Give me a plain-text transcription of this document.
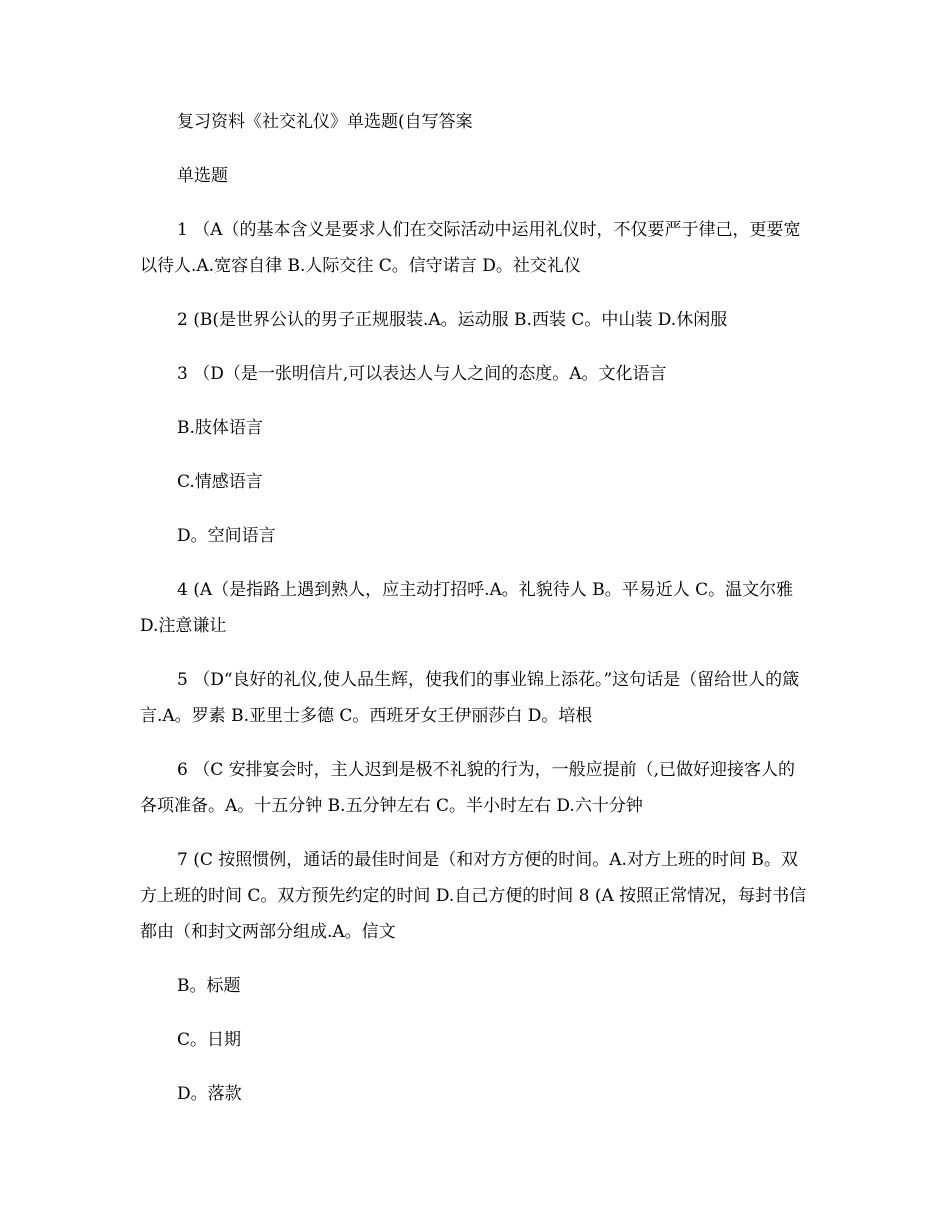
复习资料《社交礼仪》单选题(自写答案

单选题

1 （A（的基本含义是要求人们在交际活动中运用礼仪时，不仅要严于律己，更要宽以待人.A.宽容自律 B.人际交往 C。信守诺言 D。社交礼仪

2 (B(是世界公认的男子正规服装.A。运动服 B.西装 C。中山装 D.休闲服

3 （D（是一张明信片,可以表达人与人之间的态度。A。文化语言

B.肢体语言

C.情感语言

D。空间语言

4 (A（是指路上遇到熟人，应主动打招呼.A。礼貌待人 B。平易近人 C。温文尔雅 D.注意谦让

5 （D“良好的礼仪,使人品生辉，使我们的事业锦上添花。”这句话是（留给世人的箴言.A。罗素 B.亚里士多德 C。西班牙女王伊丽莎白 D。培根

6 （C 安排宴会时，主人迟到是极不礼貌的行为，一般应提前（,已做好迎接客人的各项准备。A。十五分钟 B.五分钟左右 C。半小时左右 D.六十分钟

7 (C 按照惯例，通话的最佳时间是（和对方方便的时间。A.对方上班的时间 B。双方上班的时间 C。双方预先约定的时间 D.自己方便的时间 8 (A 按照正常情况，每封书信都由（和封文两部分组成.A。信文

B。标题

C。日期

D。落款
